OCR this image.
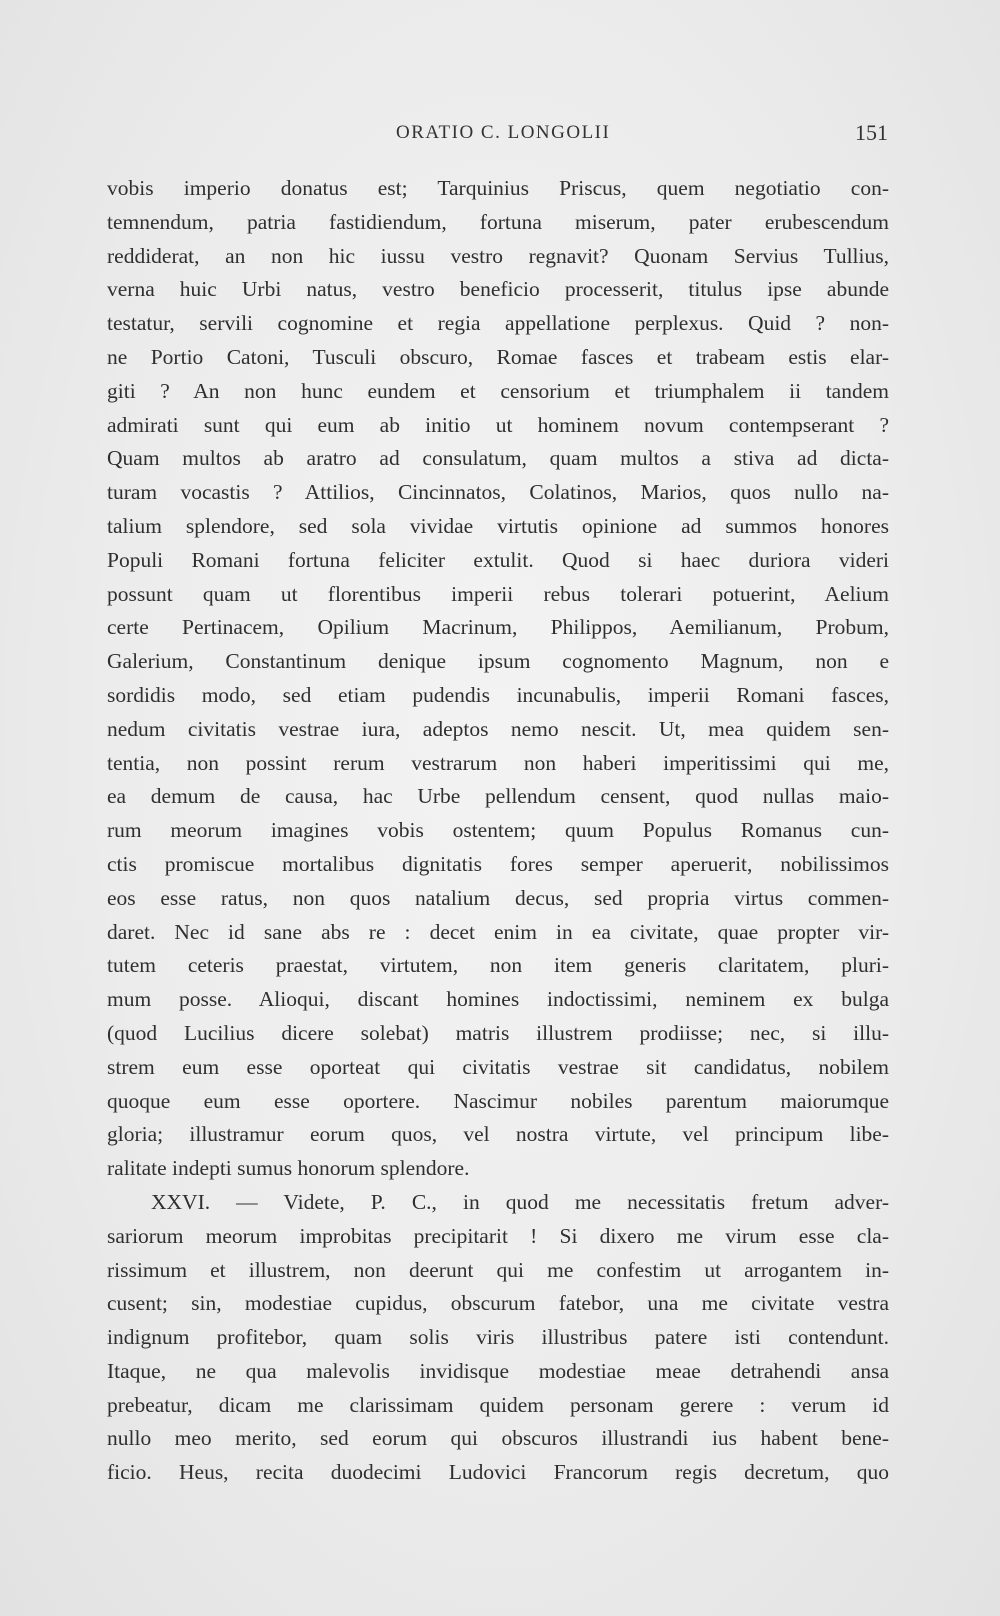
ORATIO C. LONGOLII	151
vobis imperio donatus est; Tarquinius Priscus, quem negotiatio con-
temnendum, patria fastidiendum, fortuna miserum, pater erubescendum
reddiderat, an non hic iussu vestro regnavit? Quonam Servius Tullius,
verna huic Urbi natus, vestro beneficio processerit, titulus ipse abunde
testatur, servili cognomine et regia appellatione perplexus. Quid ? non-
ne Portio Catoni, Tusculi obscuro, Romae fasces et trabeam estis elar-
giti ? An non hunc eundem et censorium et triumphalem ii tandem
admirati sunt qui eum ab initio ut hominem novum contempserant ?
Quam multos ab aratro ad consulatum, quam multos a stiva ad dicta-
turam vocastis ? Attilios, Cincinnatos, Colatinos, Marios, quos nullo na-
talium splendore, sed sola vividae virtutis opinione ad summos honores
Populi Romani fortuna feliciter extulit. Quod si haec duriora videri
possunt quam ut florentibus imperii rebus tolerari potuerint, Aelium
certe Pertinacem, Opilium Macrinum, Philippos, Aemilianum, Probum,
Galerium, Constantinum denique ipsum cognomento Magnum, non e
sordidis modo, sed etiam pudendis incunabulis, imperii Romani fasces,
nedum civitatis vestrae iura, adeptos nemo nescit. Ut, mea quidem sen-
tentia, non possint rerum vestrarum non haberi imperitissimi qui me,
ea demum de causa, hac Urbe pellendum censent, quod nullas maio-
rum meorum imagines vobis ostentem; quum Populus Romanus cun-
ctis promiscue mortalibus dignitatis fores semper aperuerit, nobilissimos
eos esse ratus, non quos natalium decus, sed propria virtus commen-
daret. Nec id sane abs re : decet enim in ea civitate, quae propter vir-
tutem ceteris praestat, virtutem, non item generis claritatem, pluri-
mum posse. Alioqui, discant homines indoctissimi, neminem ex bulga
(quod Lucilius dicere solebat) matris illustrem prodiisse; nec, si illu-
strem eum esse oporteat qui civitatis vestrae sit candidatus, nobilem
quoque eum esse oportere. Nascimur nobiles parentum maiorumque
gloria; illustramur eorum quos, vel nostra virtute, vel principum libe-
ralitate indepti sumus honorum splendore.
XXVI. — Videte, P. C., in quod me necessitatis fretum adver-
sariorum meorum improbitas precipitarit ! Si dixero me virum esse cla-
rissimum et illustrem, non deerunt qui me confestim ut arrogantem in-
cusent; sin, modestiae cupidus, obscurum fatebor, una me civitate vestra
indignum profitebor, quam solis viris illustribus patere isti contendunt.
Itaque, ne qua malevolis invidisque modestiae meae detrahendi ansa
prebeatur, dicam me clarissimam quidem personam gerere : verum id
nullo meo merito, sed eorum qui obscuros illustrandi ius habent bene-
ficio. Heus, recita duodecimi Ludovici Francorum regis decretum, quo
